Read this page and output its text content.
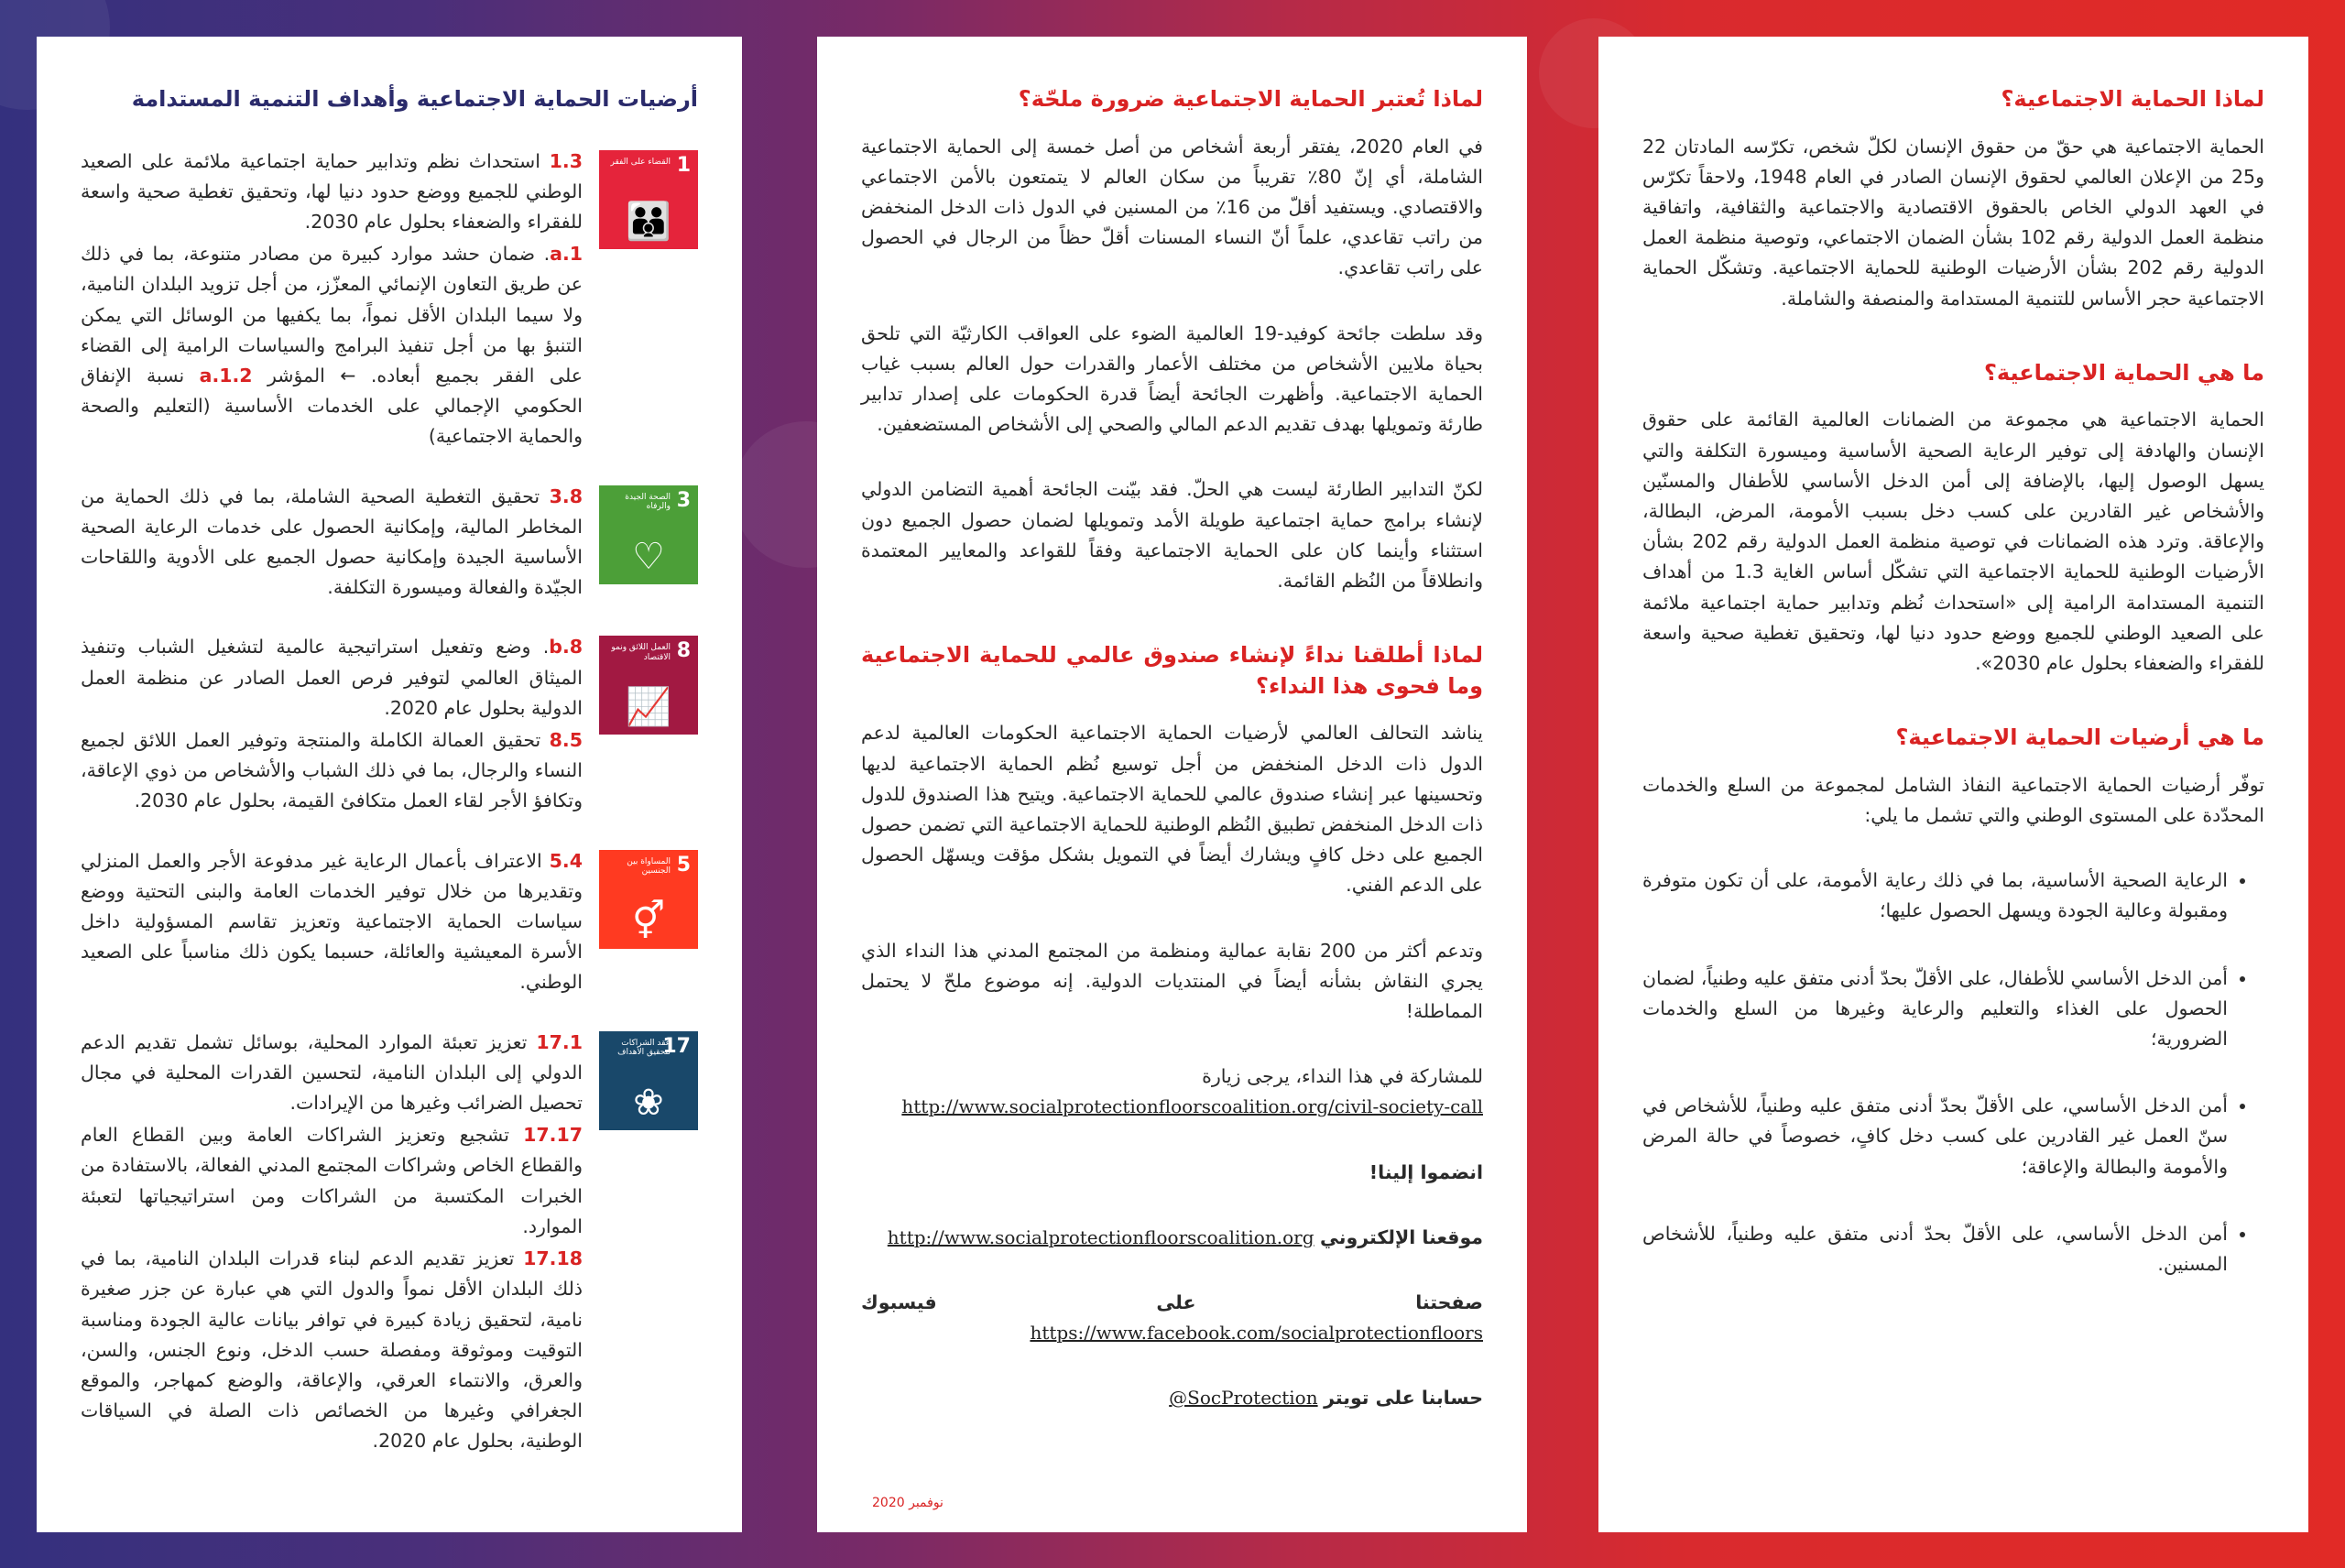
أرضيات الحماية الاجتماعية وأهداف التنمية المستدامة
1
القضاء على الفقر
👪

1.3 استحداث نظم وتدابير حماية اجتماعية ملائمة على الصعيد الوطني للجميع ووضع حدود دنيا لها، وتحقيق تغطية صحية واسعة للفقراء والضعفاء بحلول عام 2030.

a.1. ضمان حشد موارد كبيرة من مصادر متنوعة، بما في ذلك عن طريق التعاون الإنمائي المعزّز، من أجل تزويد البلدان النامية، ولا سيما البلدان الأقل نمواً، بما يكفيها من الوسائل التي يمكن التنبؤ بها من أجل تنفيذ البرامج والسياسات الرامية إلى القضاء على الفقر بجميع أبعاده. ← المؤشر 2.a.1 نسبة الإنفاق الحكومي الإجمالي على الخدمات الأساسية (التعليم والصحة والحماية الاجتماعية)

3
الصحة الجيدة والرفاه
♡

3.8 تحقيق التغطية الصحية الشاملة، بما في ذلك الحماية من المخاطر المالية، وإمكانية الحصول على خدمات الرعاية الصحية الأساسية الجيدة وإمكانية حصول الجميع على الأدوية واللقاحات الجيّدة والفعالة وميسورة التكلفة.

8
العمل اللائق ونمو الاقتصاد
📈

b.8. وضع وتفعيل استراتيجية عالمية لتشغيل الشباب وتنفيذ الميثاق العالمي لتوفير فرص العمل الصادر عن منظمة العمل الدولية بحلول عام 2020.

8.5 تحقيق العمالة الكاملة والمنتجة وتوفير العمل اللائق لجميع النساء والرجال، بما في ذلك الشباب والأشخاص من ذوي الإعاقة، وتكافؤ الأجر لقاء العمل متكافئ القيمة، بحلول عام 2030.

5
المساواة بين الجنسين
⚥

5.4 الاعتراف بأعمال الرعاية غير مدفوعة الأجر والعمل المنزلي وتقديرها من خلال توفير الخدمات العامة والبنى التحتية ووضع سياسات الحماية الاجتماعية وتعزيز تقاسم المسؤولية داخل الأسرة المعيشية والعائلة، حسبما يكون ذلك مناسباً على الصعيد الوطني.

17
عقد الشراكات لتحقيق الأهداف
❀

17.1 تعزيز تعبئة الموارد المحلية، بوسائل تشمل تقديم الدعم الدولي إلى البلدان النامية، لتحسين القدرات المحلية في مجال تحصيل الضرائب وغيرها من الإيرادات.

17.17 تشجيع وتعزيز الشراكات العامة وبين القطاع العام والقطاع الخاص وشراكات المجتمع المدني الفعالة، بالاستفادة من الخبرات المكتسبة من الشراكات ومن استراتيجياتها لتعبئة الموارد.

17.18 تعزيز تقديم الدعم لبناء قدرات البلدان النامية، بما في ذلك البلدان الأقل نمواً والدول التي هي عبارة عن جزر صغيرة نامية، لتحقيق زيادة كبيرة في توافر بيانات عالية الجودة ومناسبة التوقيت وموثوقة ومفصلة حسب الدخل، ونوع الجنس، والسن، والعرق، والانتماء العرقي، والإعاقة، والوضع كمهاجر، والموقع الجغرافي وغيرها من الخصائص ذات الصلة في السياقات الوطنية، بحلول عام 2020.

لماذا تُعتبر الحماية الاجتماعية ضرورة ملحّة؟

في العام 2020، يفتقر أربعة أشخاص من أصل خمسة إلى الحماية الاجتماعية الشاملة، أي إنّ 80٪ تقريباً من سكان العالم لا يتمتعون بالأمن الاجتماعي والاقتصادي. ويستفيد أقلّ من 16٪ من المسنين في الدول ذات الدخل المنخفض من راتب تقاعدي، علماً أنّ النساء المسنات أقلّ حظاً من الرجال في الحصول على راتب تقاعدي.

وقد سلطت جائحة كوفيد-19 العالمية الضوء على العواقب الكارثيّة التي تلحق بحياة ملايين الأشخاص من مختلف الأعمار والقدرات حول العالم بسبب غياب الحماية الاجتماعية. وأظهرت الجائحة أيضاً قدرة الحكومات على إصدار تدابير طارئة وتمويلها بهدف تقديم الدعم المالي والصحي إلى الأشخاص المستضعفين.

لكنّ التدابير الطارئة ليست هي الحلّ. فقد بيّنت الجائحة أهمية التضامن الدولي لإنشاء برامج حماية اجتماعية طويلة الأمد وتمويلها لضمان حصول الجميع دون استثناء وأينما كان على الحماية الاجتماعية وفقاً للقواعد والمعايير المعتمدة وانطلاقاً من النُظم القائمة.

لماذا أطلقنا نداءً لإنشاء صندوق عالمي للحماية الاجتماعية وما فحوى هذا النداء؟

يناشد التحالف العالمي لأرضيات الحماية الاجتماعية الحكومات العالمية لدعم الدول ذات الدخل المنخفض من أجل توسيع نُظم الحماية الاجتماعية لديها وتحسينها عبر إنشاء صندوق عالمي للحماية الاجتماعية. ويتيح هذا الصندوق للدول ذات الدخل المنخفض تطبيق النُظم الوطنية للحماية الاجتماعية التي تضمن حصول الجميع على دخل كافٍ ويشارك أيضاً في التمويل بشكل مؤقت ويسهّل الحصول على الدعم الفني.

وتدعم أكثر من 200 نقابة عمالية ومنظمة من المجتمع المدني هذا النداء الذي يجري النقاش بشأنه أيضاً في المنتديات الدولية. إنه موضوع ملحّ لا يحتمل المماطلة!

للمشاركة في هذا النداء، يرجى زيارة
http://www.socialprotectionfloorscoalition.org/civil-society-call

انضموا إلينا!

موقعنا الإلكتروني http://www.socialprotectionfloorscoalition.org

صفحتنا على فيسبوك https://www.facebook.com/socialprotectionfloors

حسابنا على تويتر @SocProtection

نوفمبر 2020
لماذا الحماية الاجتماعية؟

الحماية الاجتماعية هي حقّ من حقوق الإنسان لكلّ شخص، تكرّسه المادتان 22 و25 من الإعلان العالمي لحقوق الإنسان الصادر في العام 1948، ولاحقاً تكرّس في العهد الدولي الخاص بالحقوق الاقتصادية والاجتماعية والثقافية، واتفاقية منظمة العمل الدولية رقم 102 بشأن الضمان الاجتماعي، وتوصية منظمة العمل الدولية رقم 202 بشأن الأرضيات الوطنية للحماية الاجتماعية. وتشكّل الحماية الاجتماعية حجر الأساس للتنمية المستدامة والمنصفة والشاملة.

ما هي الحماية الاجتماعية؟

الحماية الاجتماعية هي مجموعة من الضمانات العالمية القائمة على حقوق الإنسان والهادفة إلى توفير الرعاية الصحية الأساسية وميسورة التكلفة والتي يسهل الوصول إليها، بالإضافة إلى أمن الدخل الأساسي للأطفال والمسنّين والأشخاص غير القادرين على كسب دخل بسبب الأمومة، المرض، البطالة، والإعاقة. وترد هذه الضمانات في توصية منظمة العمل الدولية رقم 202 بشأن الأرضيات الوطنية للحماية الاجتماعية التي تشكّل أساس الغاية 1.3 من أهداف التنمية المستدامة الرامية إلى «استحداث نُظم وتدابير حماية اجتماعية ملائمة على الصعيد الوطني للجميع ووضع حدود دنيا لها، وتحقيق تغطية صحية واسعة للفقراء والضعفاء بحلول عام 2030».

ما هي أرضيات الحماية الاجتماعية؟

توفّر أرضيات الحماية الاجتماعية النفاذ الشامل لمجموعة من السلع والخدمات المحدّدة على المستوى الوطني والتي تشمل ما يلي:

• الرعاية الصحية الأساسية، بما في ذلك رعاية الأمومة، على أن تكون متوفرة ومقبولة وعالية الجودة ويسهل الحصول عليها؛
• أمن الدخل الأساسي للأطفال، على الأقلّ بحدّ أدنى متفق عليه وطنياً، لضمان الحصول على الغذاء والتعليم والرعاية وغيرها من السلع والخدمات الضرورية؛
• أمن الدخل الأساسي، على الأقلّ بحدّ أدنى متفق عليه وطنياً، للأشخاص في سنّ العمل غير القادرين على كسب دخل كافٍ، خصوصاً في حالة المرض والأمومة والبطالة والإعاقة؛
• أمن الدخل الأساسي، على الأقلّ بحدّ أدنى متفق عليه وطنياً، للأشخاص المسنين.
